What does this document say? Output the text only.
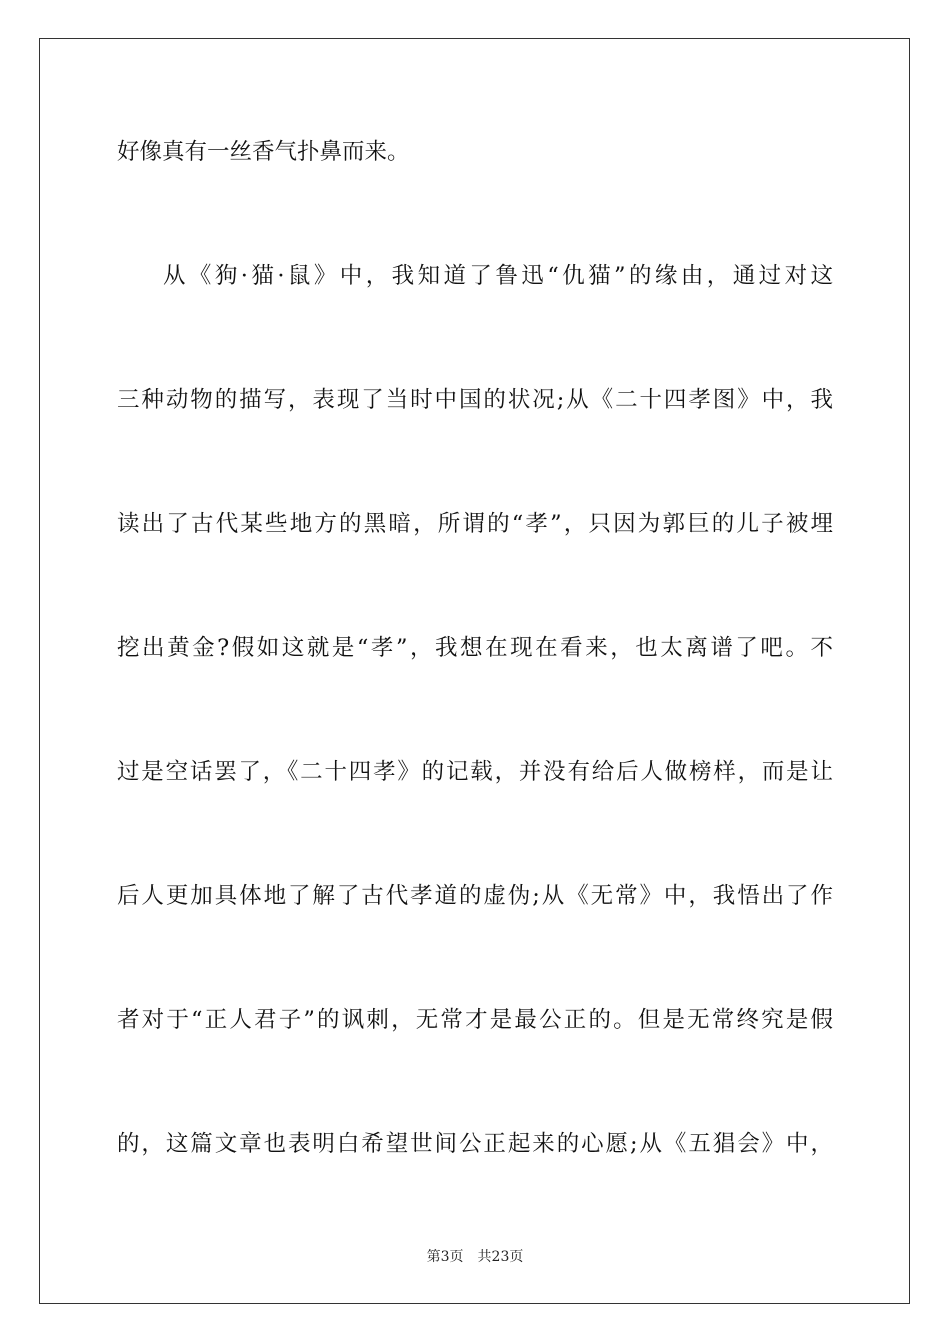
好像真有一丝香气扑鼻而来。
从《狗·猫·鼠》中，我知道了鲁迅“仇猫”的缘由，通过对这
三种动物的描写，表现了当时中国的状况;从《二十四孝图》中，我
读出了古代某些地方的黑暗，所谓的“孝”，只因为郭巨的儿子被埋
挖出黄金?假如这就是“孝”，我想在现在看来，也太离谱了吧。不
过是空话罢了，《二十四孝》的记载，并没有给后人做榜样，而是让
后人更加具体地了解了古代孝道的虚伪;从《无常》中，我悟出了作
者对于“正人君子”的讽刺，无常才是最公正的。但是无常终究是假
的，这篇文章也表明白希望世间公正起来的心愿;从《五猖会》中，
第3页 共23页
